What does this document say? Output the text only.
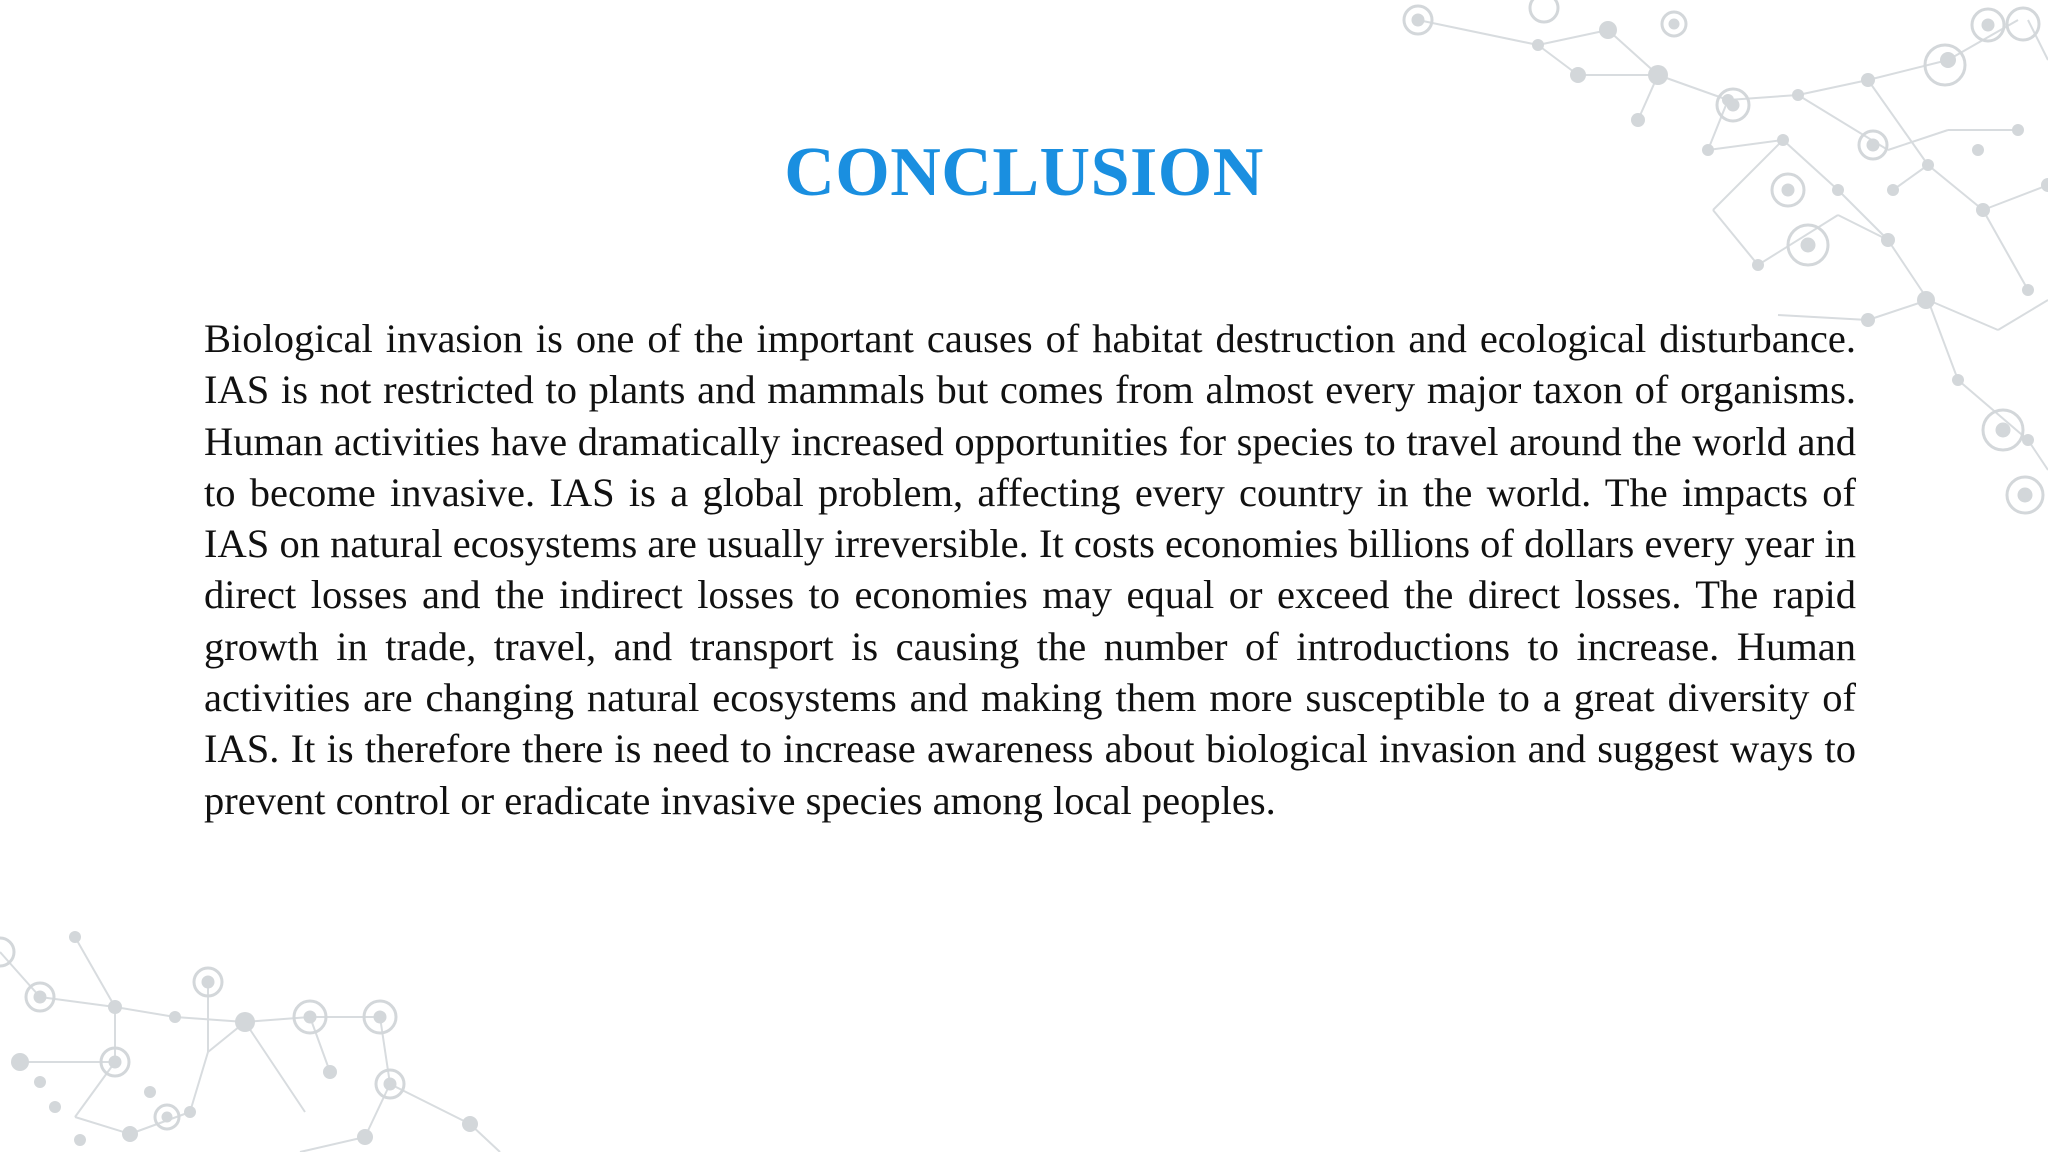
CONCLUSION

Biological invasion is one of the important causes of habitat destruction and ecological disturbance. IAS is not restricted to plants and mammals but comes from almost every major taxon of organisms. Human activities have dramatically increased opportunities for species to travel around the world and to become invasive. IAS is a global problem, affecting every country in the world. The impacts of IAS on natural ecosystems are usually irreversible. It costs economies billions of dollars every year in direct losses and the indirect losses to economies may equal or exceed the direct losses. The rapid growth in trade, travel, and transport is causing the number of introductions to increase. Human activities are changing natural ecosystems and making them more susceptible to a great diversity of IAS. It is therefore there is need to increase awareness about biological invasion and suggest ways to prevent control or eradicate invasive species among local peoples.
